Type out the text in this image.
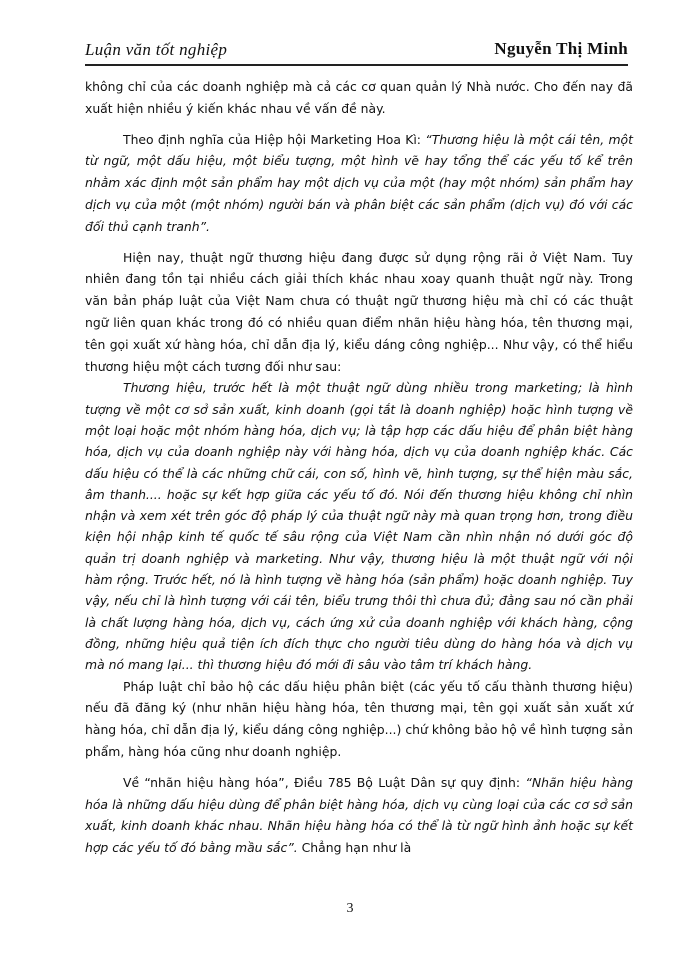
Luận văn tốt nghiệp	Nguyễn Thị Minh

không chỉ của các doanh nghiệp mà cả các cơ quan quản lý Nhà nước. Cho đến nay đã xuất hiện nhiều ý kiến khác nhau về vấn đề này.

Theo định nghĩa của Hiệp hội Marketing Hoa Kì: “Thương hiệu là một cái tên, một từ ngữ, một dấu hiệu, một biểu tượng, một hình vẽ hay tổng thể các yếu tố kể trên nhằm xác định một sản phẩm hay một dịch vụ của một (hay một nhóm) sản phẩm hay dịch vụ của một (một nhóm) người bán và phân biệt các sản phẩm (dịch vụ) đó với các đối thủ cạnh tranh”.

Hiện nay, thuật ngữ thương hiệu đang được sử dụng rộng rãi ở Việt Nam. Tuy nhiên đang tồn tại nhiều cách giải thích khác nhau xoay quanh thuật ngữ này. Trong văn bản pháp luật của Việt Nam chưa có thuật ngữ thương hiệu mà chỉ có các thuật ngữ liên quan khác trong đó có nhiều quan điểm nhãn hiệu hàng hóa, tên thương mại, tên gọi xuất xứ hàng hóa, chỉ dẫn địa lý, kiểu dáng công nghiệp... Như vậy, có thể hiểu thương hiệu một cách tương đối như sau:

Thương hiệu, trước hết là một thuật ngữ dùng nhiều trong marketing; là hình tượng về một cơ sở sản xuất, kinh doanh (gọi tắt là doanh nghiệp) hoặc hình tượng về một loại hoặc một nhóm hàng hóa, dịch vụ; là tập hợp các dấu hiệu để phân biệt hàng hóa, dịch vụ của doanh nghiệp này với hàng hóa, dịch vụ của doanh nghiệp khác. Các dấu hiệu có thể là các những chữ cái, con số, hình vẽ, hình tượng, sự thể hiện màu sắc, âm thanh.... hoặc sự kết hợp giữa các yếu tố đó. Nói đến thương hiệu không chỉ nhìn nhận và xem xét trên góc độ pháp lý của thuật ngữ này mà quan trọng hơn, trong điều kiện hội nhập kinh tế quốc tế sâu rộng của Việt Nam cần nhìn nhận nó dưới góc độ quản trị doanh nghiệp và marketing. Như vậy, thương hiệu là một thuật ngữ với nội hàm rộng. Trước hết, nó là hình tượng về hàng hóa (sản phẩm) hoặc doanh nghiệp. Tuy vậy, nếu chỉ là hình tượng với cái tên, biểu trưng thôi thì chưa đủ; đằng sau nó cần phải là chất lượng hàng hóa, dịch vụ, cách ứng xử của doanh nghiệp với khách hàng, cộng đồng, những hiệu quả tiện ích đích thực cho người tiêu dùng do hàng hóa và dịch vụ mà nó mang lại... thì thương hiệu đó mới đi sâu vào tâm trí khách hàng.

Pháp luật chỉ bảo hộ các dấu hiệu phân biệt (các yếu tố cấu thành thương hiệu) nếu đã đăng ký (như nhãn hiệu hàng hóa, tên thương mại, tên gọi xuất sản xuất xứ hàng hóa, chỉ dẫn địa lý, kiểu dáng công nghiệp...) chứ không bảo hộ về hình tượng sản phẩm, hàng hóa cũng như doanh nghiệp.

Về “nhãn hiệu hàng hóa”, Điều 785 Bộ Luật Dân sự quy định: “Nhãn hiệu hàng hóa là những dấu hiệu dùng để phân biệt hàng hóa, dịch vụ cùng loại của các cơ sở sản xuất, kinh doanh khác nhau. Nhãn hiệu hàng hóa có thể là từ ngữ hình ảnh hoặc sự kết hợp các yếu tố đó bằng mầu sắc”. Chẳng hạn như là

3
